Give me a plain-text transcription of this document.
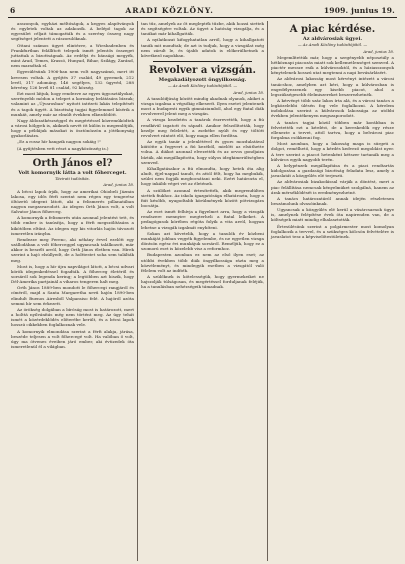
6	ARADI KÖZLÖNY.	1909. junius 19.

asszonyok, egyházi méltóságok, a kegyes alapítványok és egyletek voltak az adakozók. A belépő tagok az egyesület céljait támogatták és a szerény összeg nagy segítséget jelentett a rászorulóknak.

Ottani számos ügyet elintézve, a Wiesbadenben és Frankfurtban felállított telepek ismét jelentős összeget juttattak a bizottságnak. Az erdélyi és bánsági megyék, mint Arad, Temes, Krassó, Hunyad, Bihar, Szilágy, Zaránd, nem maradtak el.

Egyesülésünk 1906-ban nem volt nagyszámú, mert itt kevesen voltak. A gyűjtés 37 család, 49 gyermek, 212 levél, 317 adomány, 146 segélyes, 132 ügyvéd, 288 kérvény, 126 levél 81 család, 92 község.

Ezt most látjuk, hogy rendezve az egyes ügyosztályokat, szerényebb módon a telepet a kormány belátására bízzuk; valamint az „Újvarosban" nyitott intézeti lakás telepítését és a tagok ügyét. A bizottság tagjai figyelemmel kísérik a munkát, amely már az elmúlt években elkezdődött.

Nagy áldozatkészséggel és megértéssel közreműködtek a városi hölgyek is, akiknek nevét itt külön is megemlítjük, hogy a példájuk másokat is ösztönözzön a jótékonyság gyakorlására.

„Ez a rossz hír hangzik nagyon sokáig !"

(A gyűjtésben vett részt a nagyközönség is.)

Orth János el?
Volt komornyik látta a volt főherceget.
Távirati tudósítás.
Arad, junius 18.

A bécsi lapok írják, hogy az amerikai Ohiobeli Jázmin lakosa, egy idős férfi szerint nem régen egy tengerész öltözetű idegent látott, aki a felismerés pillanatában nagyon megzavarodott. Az idegen Orth János volt, a volt Salvator János főherceg.

A komornyik a felismerés után azonnal jelentést tett, és több ember is tanúsítja, hogy a férfi megszólítására a kikötőben eltűnt. Az idegen egy kis vitorlás hajón távozott ismeretlen irányba.

Rendezze meg Ferenc, aki néhány évvel ezelőtt egy szállodában a volt főherceggel ugyancsak találkozott, már akkor is beszélt arról, hogy Orth János életben van. Hírek szerint a hajó elsüllyedt, de a holttestet soha sem találták meg.

Most is, hogy a hír újra napvilágot látott, a bécsi udvari körök idegenkedéssel fogadták. A főherceg életéről és sorsáról sok legenda kering; a legtöbben azt hiszik, hogy Dél-Amerika partjainál a viharos tengeren halt meg.

Orth János 1889-ben mondott le főhercegi rangjáról és címéről, majd a Santa Margaretha nevű hajón 1890-ben elindult Buenos Airesből Valparaiso felé. A hajóról azóta semmi hír sem érkezett.

Az örökség dolgában a bíróság most is határozott, mert a holttá nyilvánítás még nem történt meg. Az ügy tehát ismét a közérdeklődés előterébe került, és a bécsi lapok hosszú cikkekben foglalkoznak vele.

A komornyik elmondása szerint a férfi alakja, járása, beszéde teljesen a volt főhercegé volt. Ha valóban ő volt, úgy ma ötvenes éveiben járó ember, aki évtizedek óta ismeretlenül él a világban.

tan tűz, amelyek az őt meglepték tűzbe, akik hozzá siettek és segítségére voltak. Az ügyet a hatóság vizsgálja, és a tanúkat már kihallgatták.

A nyilatkozat kifogyhatatlan arról, hogy a kihallgatott tanúk mit mondtak; de azt is tudjuk, hogy a vizsgálat még nem zárult le, és újabb adatok is előkerülhetnek a következő napokban.

Revolver a vizsgán.
Megakadályozott öngyilkosság.
— Az Aradi Közlöny tudósítójától. —
Arad, junius 18.

A tanulóifjúság között mindig akadnak olyanok, akiket a vizsga izgalma a végsőkig elkeserít. Ilyen esetet jelentenek most a budapesti egyik gimnáziumból, ahol egy fiatal diák revolverrel jelent meg a vizsgán.

A vizsga kezdetén a tanárok észrevették, hogy a fiú rendkívül izgatott és sápadt. Amikor felszólították, hogy kezdje meg feleletét, a zsebébe nyúlt és egy töltött revolvert rántott elő, hogy maga ellen fordítsa.

Az egyik tanár a jelenlétével és gyors mozdulatával kiütötte a fegyvert a fiú kezéből, mielőtt az elsüthette volna. A diákot azonnal elvezették és az orvos gondjaira bízták, aki megállapította, hogy súlyos idegkimerültségben szenved.

Kihallgatásakor a fiú elmondta, hogy hetek óta alig aludt, éjjel-nappal tanult, és attól félt, hogy ha megbukik, szülei nem fogják megbocsátani neki. Ezért határozta el, hogy inkább véget vet az életének.

A szülőket azonnal értesítették, akik megrendülten siettek fiukhoz. Az iskola igazgatósága elhatározta, hogy a fiút később, nyugodtabb körülmények között pótvizsgára bocsátja.

Az eset ismét felhívja a figyelmet arra, hogy a vizsgák rendszere mennyire megterheli a fiatal lelkeket. A pedagógusok körében régóta folyik a vita arról, hogyan lehetne a vizsgák izgalmát enyhíteni.

Sokan azt követelik, hogy a tanulók év közbeni munkáját jobban vegyék figyelembe, és ne egyetlen vizsga döntsön egész évi munkájuk sorsáról. Reméljük, hogy ez a szomorú eset is közelebb visz a reformhoz.

Budapesten azonban ez nem az első ilyen eset; az utóbbi években több diák öngyilkossága rázta meg a közvéleményt, és mindegyik esetben a vizsgától való félelem volt az indíték.

A szülőknek is kötelességük, hogy gyermekeiket ne hajszolják túlságosan, és megértéssel forduljanak feléjük, ha a tanulásban nehézségeik támadnak.

A piac kérdése.
Az aldvárosiak ügyei.
— Az Aradi Közlöny tudósítójától. —
Arad, junius 18.

Megemlítettük már, hogy a szegényebb néposztály a hétköznapi piacozás miatt sok kellemetlenséget szenved. A piactér messze esik a külvárosoktól, és a háziasszonyok kénytelenek hosszú utat megtenni a napi bevásárlásért.

Az aldvárosi lakosság most kérvényt intézett a városi tanácshoz, amelyben azt kéri, hogy a külvárosban is engedélyezzenek egy kisebb piacot, ahol a legszükségesebb élelmiszereket beszerezhetnék.

A kérvényt több száz lakos írta alá, és a városi tanács a legközelebbi ülésén fog vele foglalkozni. A kérelem indokolása szerint a külvárosok lakossága az utóbbi években jelentékenyen megszaporodott.

A tanács tagjai közül többen már korábban is felvetették ezt a kérdést, de a kereskedők egy része ellenezte a tervet, attól tartva, hogy a belvárosi piac forgalma csökkenni fog.

Most azonban, hogy a lakosság maga is sürgeti a dolgot, remélhető, hogy a kérdés kedvező megoldást nyer. A terv szerint a piacot hetenként kétszer tartanák meg a külváros egyik nagyobb terén.

A helypénzek megállapítása és a piaci rendtartás kidolgozása a gazdasági bizottság feladata lesz, amely a javaslatát a közgyűlés elé terjeszti.

Az aldvárosiak bizakodással várják a döntést, mert a piac felállítása nemcsak kényelmüket szolgálná, hanem az árak mérséklődését is eredményezhetné.

A tanács határozatáról annak idején részletesen beszámolunk olvasóinknak.

Ugyancsak a közgyűlés elé kerül a vásárcsarnok ügye is, amelynek felépítése évek óta napirenden van, de a költségek miatt mindig elhalasztották.

Értesülésünk szerint a polgármester most komolyan foglalkozik a tervvel, és a szükséges kölcsön felvételére is javaslatot tesz a képviselőtestületnek.
